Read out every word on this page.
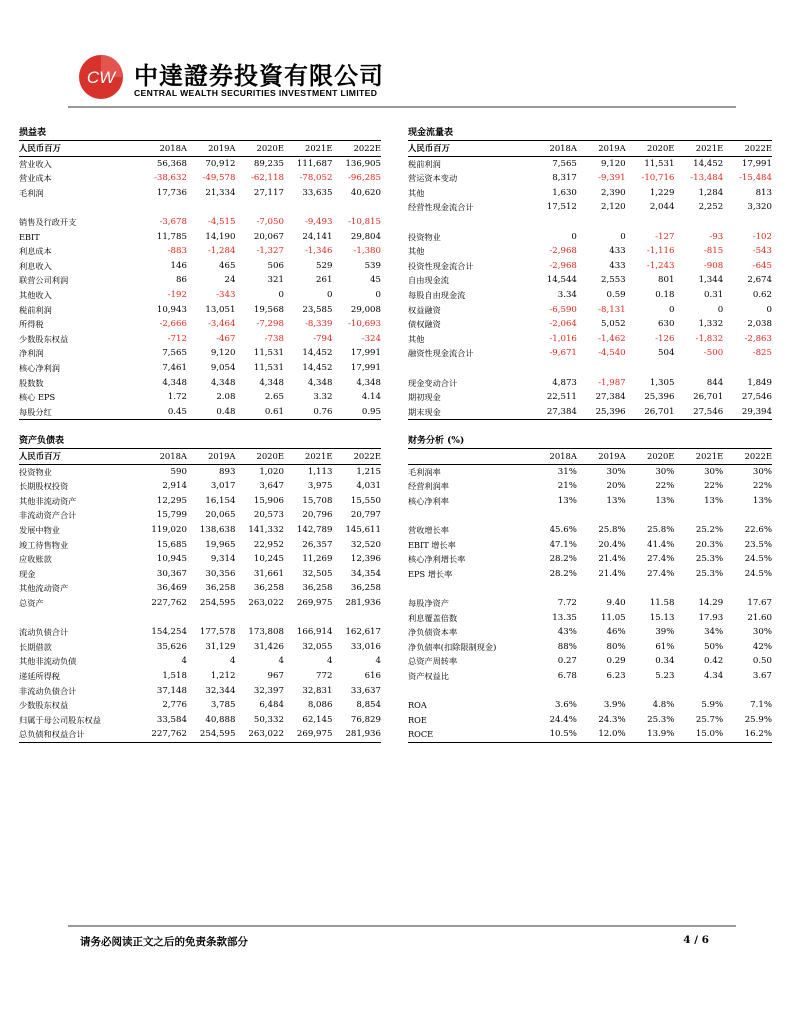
CW 中達證券投資有限公司
CENTRAL WEALTH SECURITIES INVESTMENT LIMITED
损益表
人民币百万	2018A	2019A	2020E	2021E	2022E
营业收入	56,368	70,912	89,235	111,687	136,905
营业成本	-38,632	-49,578	-62,118	-78,052	-96,285
毛利润	17,736	21,334	27,117	33,635	40,620

销售及行政开支	-3,678	-4,515	-7,050	-9,493	-10,815
EBIT	11,785	14,190	20,067	24,141	29,804
利息成本	-883	-1,284	-1,327	-1,346	-1,380
利息收入	146	465	506	529	539
联营公司利润	86	24	321	261	45
其他收入	-192	-343	0	0	0
税前利润	10,943	13,051	19,568	23,585	29,008
所得税	-2,666	-3,464	-7,298	-8,339	-10,693
少数股东权益	-712	-467	-738	-794	-324
净利润	7,565	9,120	11,531	14,452	17,991
核心净利润	7,461	9,054	11,531	14,452	17,991
股数数	4,348	4,348	4,348	4,348	4,348
核心 EPS	1.72	2.08	2.65	3.32	4.14
每股分红	0.45	0.48	0.61	0.76	0.95
现金流量表
人民币百万	2018A	2019A	2020E	2021E	2022E
税前利润	7,565	9,120	11,531	14,452	17,991
营运资本变动	8,317	-9,391	-10,716	-13,484	-15,484
其他	1,630	2,390	1,229	1,284	813
经营性现金流合计	17,512	2,120	2,044	2,252	3,320

投资物业	0	0	-127	-93	-102
其他	-2,968	433	-1,116	-815	-543
投资性现金流合计	-2,968	433	-1,243	-908	-645
自由现金流	14,544	2,553	801	1,344	2,674
每股自由现金流	3.34	0.59	0.18	0.31	0.62
权益融资	-6,590	-8,131	0	0	0
债权融资	-2,064	5,052	630	1,332	2,038
其他	-1,016	-1,462	-126	-1,832	-2,863
融资性现金流合计	-9,671	-4,540	504	-500	-825

现金变动合计	4,873	-1,987	1,305	844	1,849
期初现金	22,511	27,384	25,396	26,701	27,546
期末现金	27,384	25,396	26,701	27,546	29,394
资产负债表
人民币百万	2018A	2019A	2020E	2021E	2022E
投资物业	590	893	1,020	1,113	1,215
长期股权投资	2,914	3,017	3,647	3,975	4,031
其他非流动资产	12,295	16,154	15,906	15,708	15,550
非流动资产合计	15,799	20,065	20,573	20,796	20,797
发展中物业	119,020	138,638	141,332	142,789	145,611
竣工待售物业	15,685	19,965	22,952	26,357	32,520
应收账款	10,945	9,314	10,245	11,269	12,396
现金	30,367	30,356	31,661	32,505	34,354
其他流动资产	36,469	36,258	36,258	36,258	36,258
总资产	227,762	254,595	263,022	269,975	281,936

流动负债合计	154,254	177,578	173,808	166,914	162,617
长期借款	35,626	31,129	31,426	32,055	33,016
其他非流动负债	4	4	4	4	4
递延所得税	1,518	1,212	967	772	616
非流动负债合计	37,148	32,344	32,397	32,831	33,637
少数股东权益	2,776	3,785	6,484	8,086	8,854
归属于母公司股东权益	33,584	40,888	50,332	62,145	76,829
总负债和权益合计	227,762	254,595	263,022	269,975	281,936
财务分析 (%)
	2018A	2019A	2020E	2021E	2022E
毛利润率	31%	30%	30%	30%	30%
经营利润率	21%	20%	22%	22%	22%
核心净利率	13%	13%	13%	13%	13%

营收增长率	45.6%	25.8%	25.8%	25.2%	22.6%
EBIT 增长率	47.1%	20.4%	41.4%	20.3%	23.5%
核心净利增长率	28.2%	21.4%	27.4%	25.3%	24.5%
EPS 增长率	28.2%	21.4%	27.4%	25.3%	24.5%

每股净资产	7.72	9.40	11.58	14.29	17.67
利息覆盖倍数	13.35	11.05	15.13	17.93	21.60
净负债资本率	43%	46%	39%	34%	30%
净负债率(扣除限制现金)	88%	80%	61%	50%	42%
总资产周转率	0.27	0.29	0.34	0.42	0.50
资产权益比	6.78	6.23	5.23	4.34	3.67

ROA	3.6%	3.9%	4.8%	5.9%	7.1%
ROE	24.4%	24.3%	25.3%	25.7%	25.9%
ROCE	10.5%	12.0%	13.9%	15.0%	16.2%
请务必阅读正文之后的免责条款部分	4 / 6
